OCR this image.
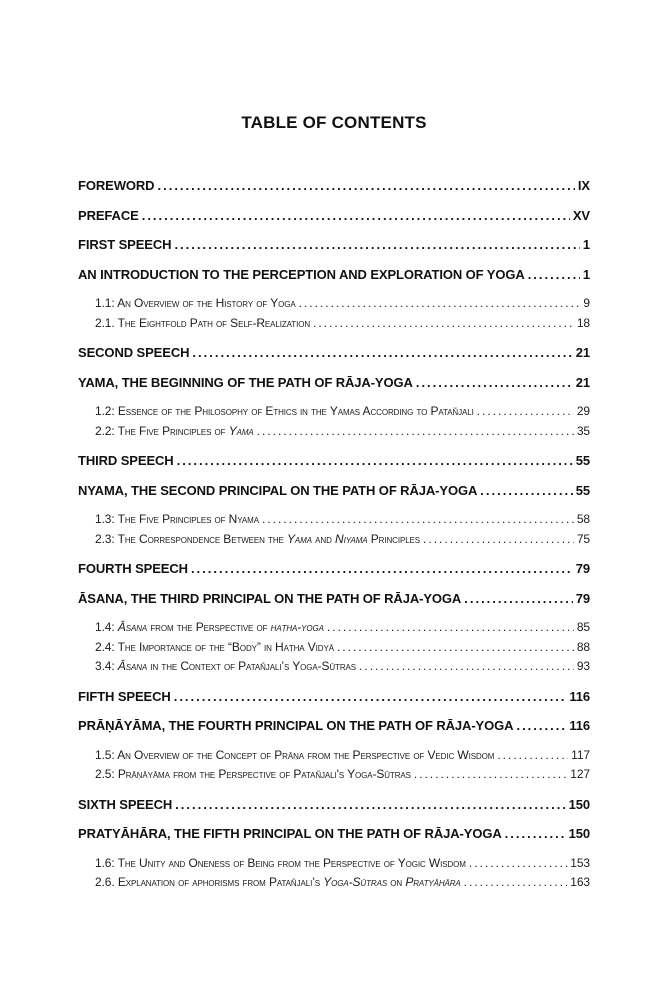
TABLE OF CONTENTS
FOREWORD .....	IX
PREFACE .....	XV
FIRST SPEECH .....	1
AN INTRODUCTION TO THE PERCEPTION AND EXPLORATION OF YOGA .....	1
1.1: An Overview of the History of Yoga .....	9
2.1. The Eightfold Path of Self-Realization .....	18
SECOND SPEECH .....	21
YAMA, THE BEGINNING OF THE PATH OF RĀJA-YOGA .....	21
1.2: Essence of the Philosophy of Ethics in the Yamas According to Patañjali .....	29
2.2: The Five Principles of Yama .....	35
THIRD SPEECH .....	55
NYAMA, THE SECOND PRINCIPAL ON THE PATH OF RĀJA-YOGA .....	55
1.3: The Five Principles of Nyama .....	58
2.3: The Correspondence Between the Yama and Niyama Principles .....	75
FOURTH SPEECH .....	79
ĀSANA, THE THIRD PRINCIPAL ON THE PATH OF RĀJA-YOGA .....	79
1.4: Āsana from the Perspective of haṭha-yoga .....	85
2.4: The Importance of the “Body” in Haṭha Vidyā .....	88
3.4: Āsana in the Context of Patañjali’s Yoga-Sūtras .....	93
FIFTH SPEECH .....	116
PRĀṆĀYĀMA, THE FOURTH PRINCIPAL ON THE PATH OF RĀJA-YOGA .....	116
1.5: An Overview of the Concept of Prāṇa from the Perspective of Vedic Wisdom .....	117
2.5: Prāṇāyāma from the Perspective of Patañjali's Yoga-Sūtras .....	127
SIXTH SPEECH .....	150
PRATYĀHĀRA, THE FIFTH PRINCIPAL ON THE PATH OF RĀJA-YOGA .....	150
1.6: The Unity and Oneness of Being from the Perspective of Yogic Wisdom .....	153
2.6. Explanation of aphorisms from Patañjali’s Yoga-Sūtras on Pratyāhāra .....	163
